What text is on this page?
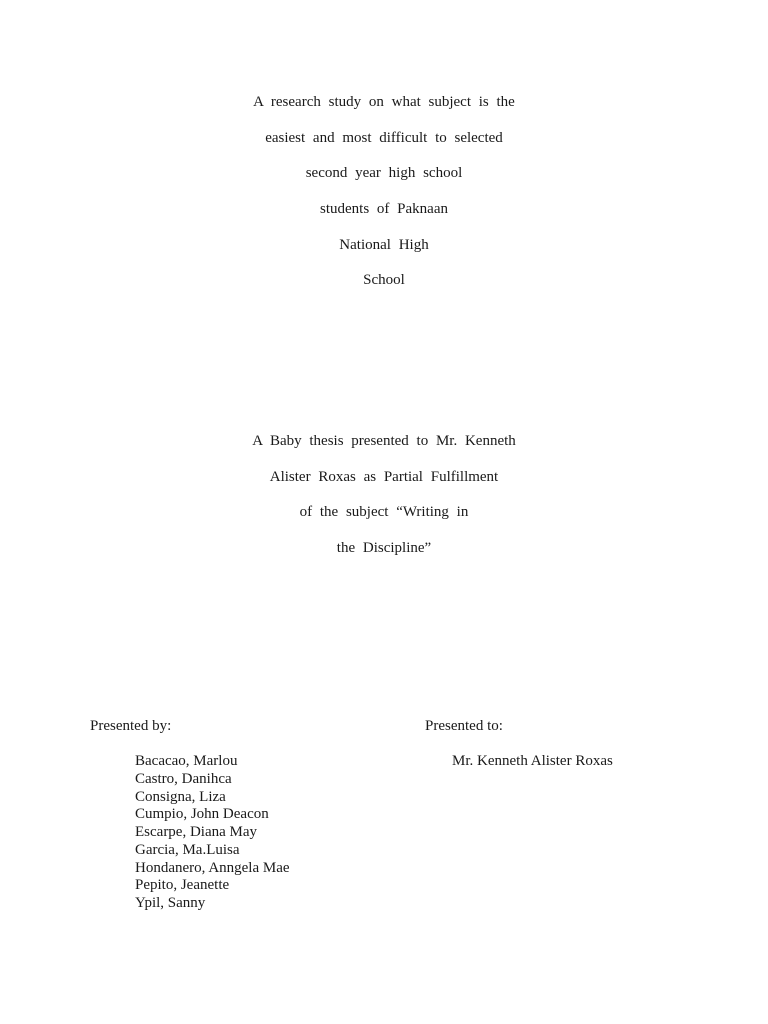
A research study on what subject is the
easiest and most difficult to selected
second year high school
students of Paknaan
National High
School
A Baby thesis presented to Mr. Kenneth
Alister Roxas as Partial Fulfillment
of the subject “Writing in
the Discipline”
Presented by:	Presented to:
Bacacao, Marlou
Castro, Danihca
Consigna, Liza
Cumpio, John Deacon
Escarpe, Diana May
Garcia, Ma.Luisa
Hondanero, Anngela Mae
Pepito, Jeanette
Ypil, Sanny
Mr. Kenneth Alister Roxas
